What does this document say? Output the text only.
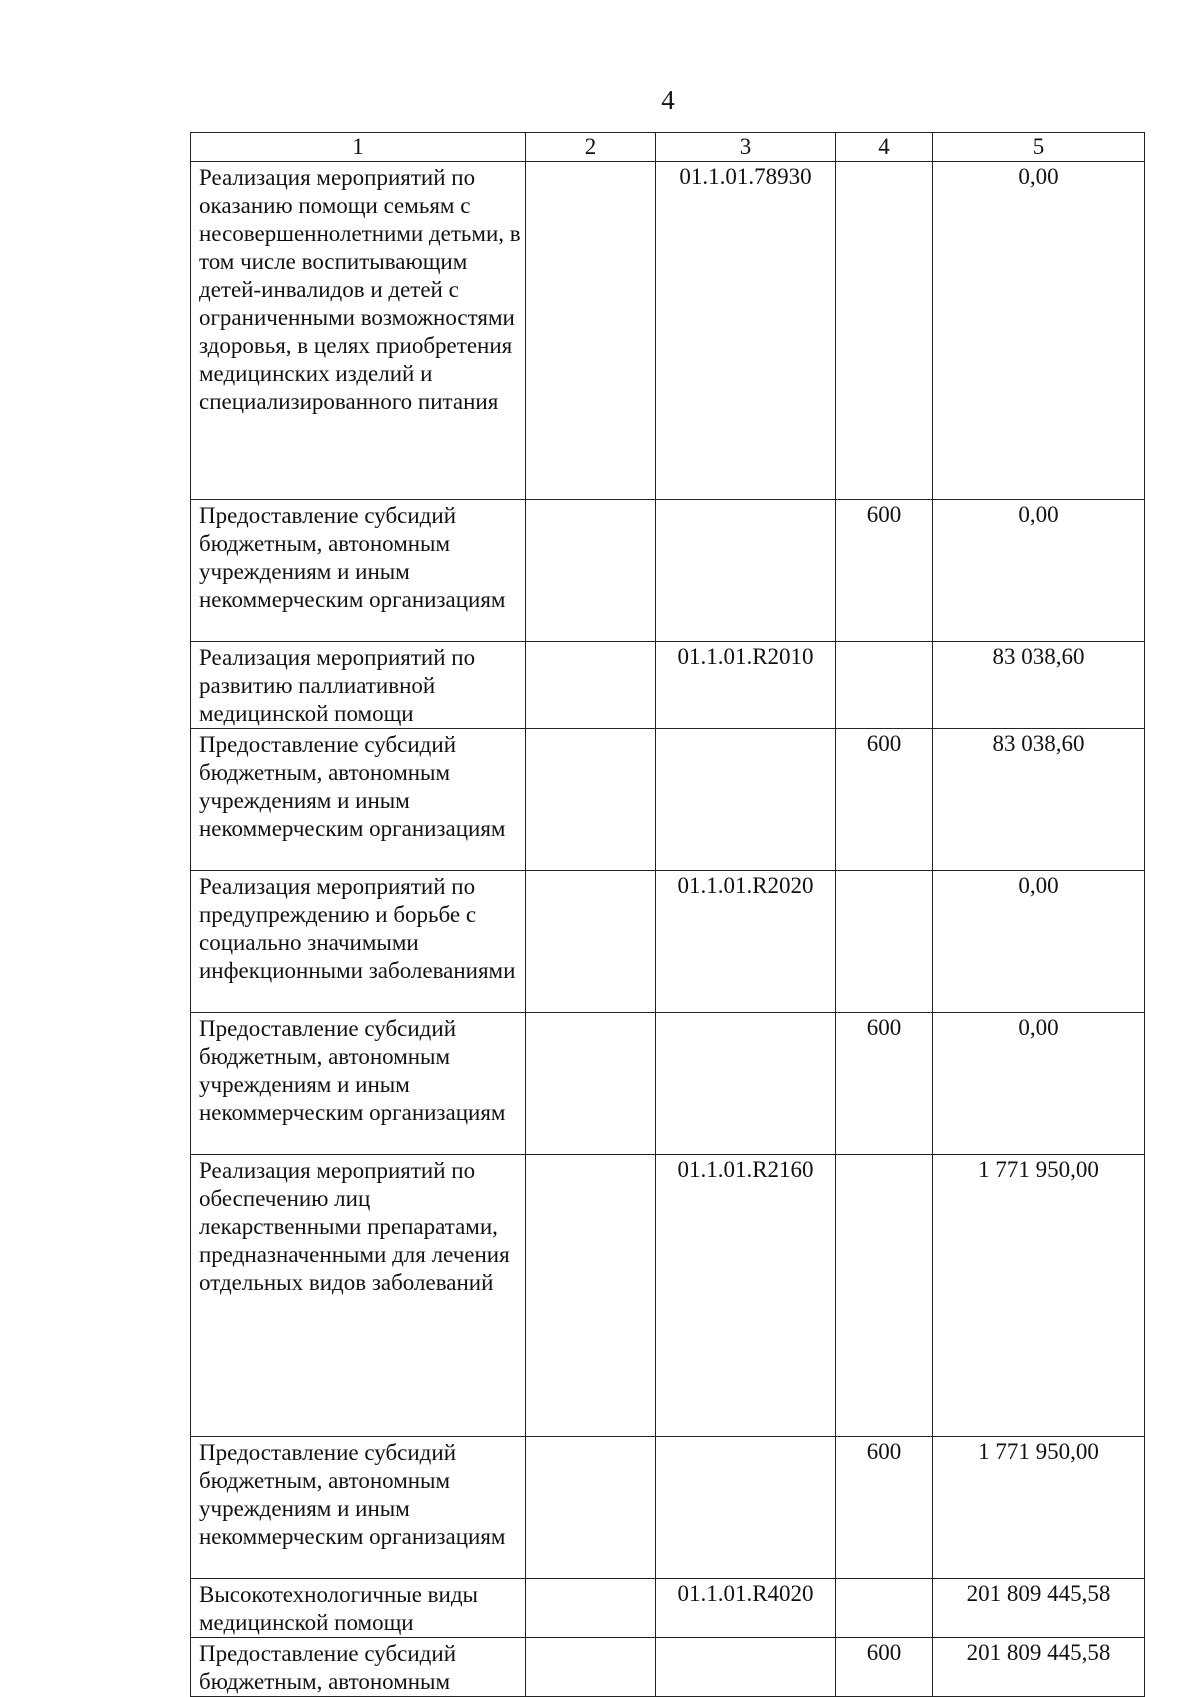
4
1	2	3	4	5
Реализация мероприятий по оказанию помощи семьям с несовершеннолетними детьми, в том числе воспитывающим детей-инвалидов и детей с ограниченными возможностями здоровья, в целях приобретения медицинских изделий и специализированного питания		01.1.01.78930		0,00
Предоставление субсидий бюджетным, автономным учреждениям и иным некоммерческим организациям			600	0,00
Реализация мероприятий по развитию паллиативной медицинской помощи		01.1.01.R2010		83 038,60
Предоставление субсидий бюджетным, автономным учреждениям и иным некоммерческим организациям			600	83 038,60
Реализация мероприятий по предупреждению и борьбе с социально значимыми инфекционными заболеваниями		01.1.01.R2020		0,00
Предоставление субсидий бюджетным, автономным учреждениям и иным некоммерческим организациям			600	0,00
Реализация мероприятий по обеспечению лиц лекарственными препаратами, предназначенными для лечения отдельных видов заболеваний		01.1.01.R2160		1 771 950,00
Предоставление субсидий бюджетным, автономным учреждениям и иным некоммерческим организациям			600	1 771 950,00
Высокотехнологичные виды медицинской помощи		01.1.01.R4020		201 809 445,58
Предоставление субсидий бюджетным, автономным			600	201 809 445,58
